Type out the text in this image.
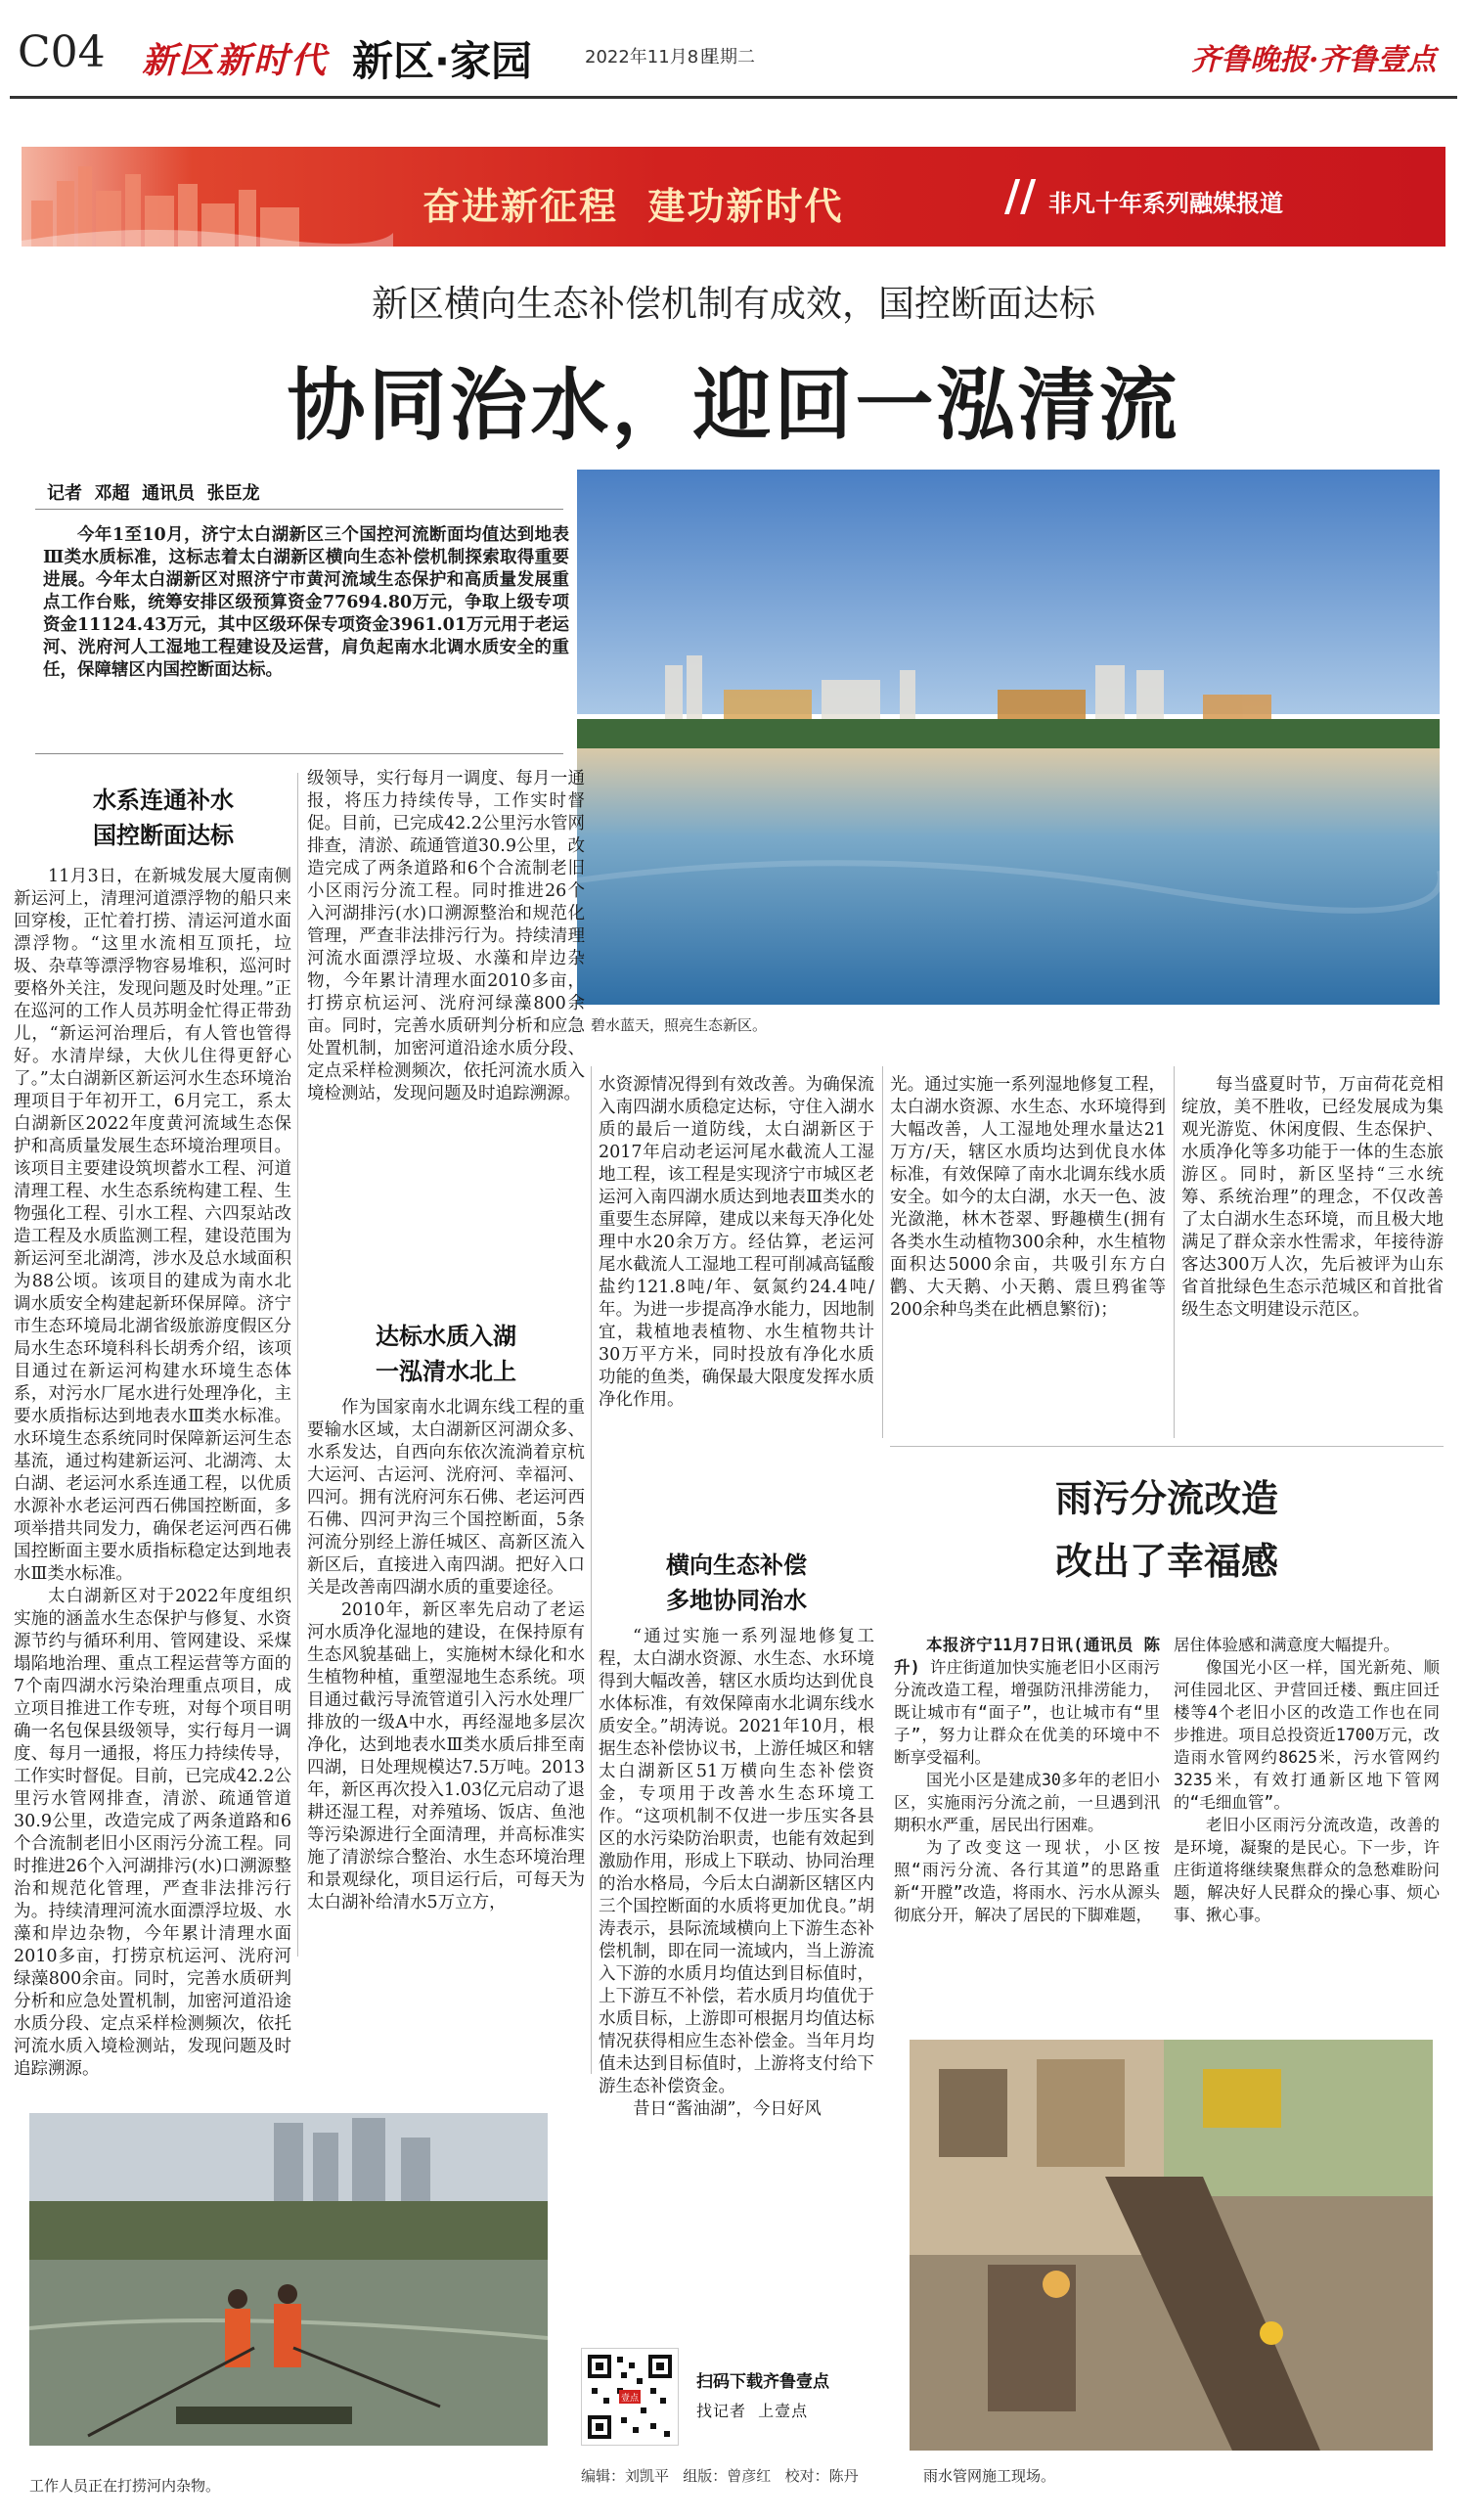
C04 新区新时代 新区·家园	2022年11月8日
星期二	齐鲁晚报·齐鲁壹点
奋进新征程  建功新时代	// 非凡十年系列融媒报道
新区横向生态补偿机制有成效，国控断面达标
协同治水，迎回一泓清流
记者  邓超  通讯员  张臣龙

今年1至10月，济宁太白湖新区三个国控河流断面均值达到地表Ⅲ类水质标准，这标志着太白湖新区横向生态补偿机制探索取得重要进展。今年太白湖新区对照济宁市黄河流域生态保护和高质量发展重点工作台账，统筹安排区级预算资金77694.80万元，争取上级专项资金11124.43万元，其中区级环保专项资金3961.01万元用于老运河、洸府河人工湿地工程建设及运营，肩负起南水北调水质安全的重任，保障辖区内国控断面达标。

碧水蓝天，照亮生态新区。
水系连通补水
国控断面达标

11月3日，在新城发展大厦南侧新运河上，清理河道漂浮物的船只来回穿梭，正忙着打捞、清运河道水面漂浮物。“这里水流相互顶托，垃圾、杂草等漂浮物容易堆积，巡河时要格外关注，发现问题及时处理。”正在巡河的工作人员苏明金忙得正带劲儿，“新运河治理后，有人管也管得好。水清岸绿，大伙儿住得更舒心了。”太白湖新区新运河水生态环境治理项目于年初开工，6月完工，系太白湖新区2022年度黄河流域生态保护和高质量发展生态环境治理项目。该项目主要建设筑坝蓄水工程、河道清理工程、水生态系统构建工程、生物强化工程、引水工程、六四泵站改造工程及水质监测工程，建设范围为新运河至北湖湾，涉水及总水域面积为88公顷。该项目的建成为南水北调水质安全构建起新环保屏障。济宁市生态环境局北湖省级旅游度假区分局水生态环境科科长胡秀介绍，该项目通过在新运河构建水环境生态体系，对污水厂尾水进行处理净化，主要水质指标达到地表水Ⅲ类水标准。水环境生态系统同时保障新运河生态基流，通过构建新运河、北湖湾、太白湖、老运河水系连通工程，以优质水源补水老运河西石佛国控断面，多项举措共同发力，确保老运河西石佛国控断面主要水质指标稳定达到地表水Ⅲ类水标准。

太白湖新区对于2022年度组织实施的涵盖水生态保护与修复、水资源节约与循环利用、管网建设、采煤塌陷地治理、重点工程运营等方面的7个南四湖水污染治理重点项目，成立项目推进工作专班，对每个项目明确一名包保县级领导，实行每月一调度、每月一通报，将压力持续传导，工作实时督促。目前，已完成42.2公里污水管网排查，清淤、疏通管道30.9公里，改造完成了两条道路和6个合流制老旧小区雨污分流工程。同时推进26个入河湖排污(水)口溯源整治和规范化管理，严查非法排污行为。持续清理河流水面漂浮垃圾、水藻和岸边杂物，今年累计清理水面2010多亩，打捞京杭运河、洸府河绿藻800余亩。同时，完善水质研判分析和应急处置机制，加密河道沿途水质分段、定点采样检测频次，依托河流水质入境检测站，发现问题及时追踪溯源。

级领导，实行每月一调度、每月一通报，将压力持续传导，工作实时督促。目前，已完成42.2公里污水管网排查，清淤、疏通管道30.9公里，改造完成了两条道路和6个合流制老旧小区雨污分流工程。同时推进26个入河湖排污(水)口溯源整治和规范化管理，严查非法排污行为。持续清理河流水面漂浮垃圾、水藻和岸边杂物，今年累计清理水面2010多亩，打捞京杭运河、洸府河绿藻800余亩。同时，完善水质研判分析和应急处置机制，加密河道沿途水质分段、定点采样检测频次，依托河流水质入境检测站，发现问题及时追踪溯源。

达标水质入湖
一泓清水北上

作为国家南水北调东线工程的重要输水区域，太白湖新区河湖众多、水系发达，自西向东依次流淌着京杭大运河、古运河、洸府河、幸福河、四河。拥有洸府河东石佛、老运河西石佛、四河尹沟三个国控断面，5条河流分别经上游任城区、高新区流入新区后，直接进入南四湖。把好入口关是改善南四湖水质的重要途径。

2010年，新区率先启动了老运河水质净化湿地的建设，在保持原有生态风貌基础上，实施树木绿化和水生植物种植，重塑湿地生态系统。项目通过截污导流管道引入污水处理厂排放的一级A中水，再经湿地多层次净化，达到地表水Ⅲ类水质后排至南四湖，日处理规模达7.5万吨。2013年，新区再次投入1.03亿元启动了退耕还湿工程，对养殖场、饭店、鱼池等污染源进行全面清理，并高标准实施了清淤综合整治、水生态环境治理和景观绿化，项目运行后，可每天为太白湖补给清水5万立方，

水资源情况得到有效改善。为确保流入南四湖水质稳定达标，守住入湖水质的最后一道防线，太白湖新区于2017年启动老运河尾水截流人工湿地工程，该工程是实现济宁市城区老运河入南四湖水质达到地表Ⅲ类水的重要生态屏障，建成以来每天净化处理中水20余万方。经估算，老运河尾水截流人工湿地工程可削减高锰酸盐约121.8吨/年、氨氮约24.4吨/年。为进一步提高净水能力，因地制宜，栽植地表植物、水生植物共计30万平方米，同时投放有净化水质功能的鱼类，确保最大限度发挥水质净化作用。

横向生态补偿
多地协同治水

“通过实施一系列湿地修复工程，太白湖水资源、水生态、水环境得到大幅改善，辖区水质均达到优良水体标准，有效保障南水北调东线水质安全。”胡涛说。2021年10月，根据生态补偿协议书，上游任城区和辖太白湖新区51万横向生态补偿资金，专项用于改善水生态环境工作。“这项机制不仅进一步压实各县区的水污染防治职责，也能有效起到激励作用，形成上下联动、协同治理的治水格局，今后太白湖新区辖区内三个国控断面的水质将更加优良。”胡涛表示，县际流域横向上下游生态补偿机制，即在同一流域内，当上游流入下游的水质月均值达到目标值时，上下游互不补偿，若水质月均值优于水质目标，上游即可根据月均值达标情况获得相应生态补偿金。当年月均值未达到目标值时，上游将支付给下游生态补偿资金。

昔日“酱油湖”，今日好风

光。通过实施一系列湿地修复工程，太白湖水资源、水生态、水环境得到大幅改善，人工湿地处理水量达21万方/天，辖区水质均达到优良水体标准，有效保障了南水北调东线水质安全。如今的太白湖，水天一色、波光潋滟，林木苍翠、野趣横生(拥有各类水生动植物300余种，水生植物面积达5000余亩，共吸引东方白鹳、大天鹅、小天鹅、震旦鸦雀等200余种鸟类在此栖息繁衍)；

每当盛夏时节，万亩荷花竞相绽放，美不胜收，已经发展成为集观光游览、休闲度假、生态保护、水质净化等多功能于一体的生态旅游区。同时，新区坚持“三水统筹、系统治理”的理念，不仅改善了太白湖水生态环境，而且极大地满足了群众亲水性需求，年接待游客达300万人次，先后被评为山东省首批绿色生态示范城区和首批省级生态文明建设示范区。

雨污分流改造
改出了幸福感

本报济宁11月7日讯(通讯员 陈升) 许庄街道加快实施老旧小区雨污分流改造工程，增强防汛排涝能力，既让城市有“面子”，也让城市有“里子”，努力让群众在优美的环境中不断享受福利。

国光小区是建成30多年的老旧小区，实施雨污分流之前，一旦遇到汛期积水严重，居民出行困难。

为了改变这一现状，小区按照“雨污分流、各行其道”的思路重新“开膛”改造，将雨水、污水从源头彻底分开，解决了居民的下脚难题，

居住体验感和满意度大幅提升。

像国光小区一样，国光新苑、顺河佳园北区、尹营回迁楼、甄庄回迁楼等4个老旧小区的改造工作也在同步推进。项目总投资近1700万元，改造雨水管网约8625米，污水管网约3235米，有效打通新区地下管网的“毛细血管”。

老旧小区雨污分流改造，改善的是环境，凝聚的是民心。下一步，许庄街道将继续聚焦群众的急愁难盼问题，解决好人民群众的操心事、烦心事、揪心事。

雨水管网施工现场。
工作人员正在打捞河内杂物。
壹点
扫码下载齐鲁壹点
找记者  上壹点
编辑：刘凯平   组版：曾彦红   校对：陈丹
